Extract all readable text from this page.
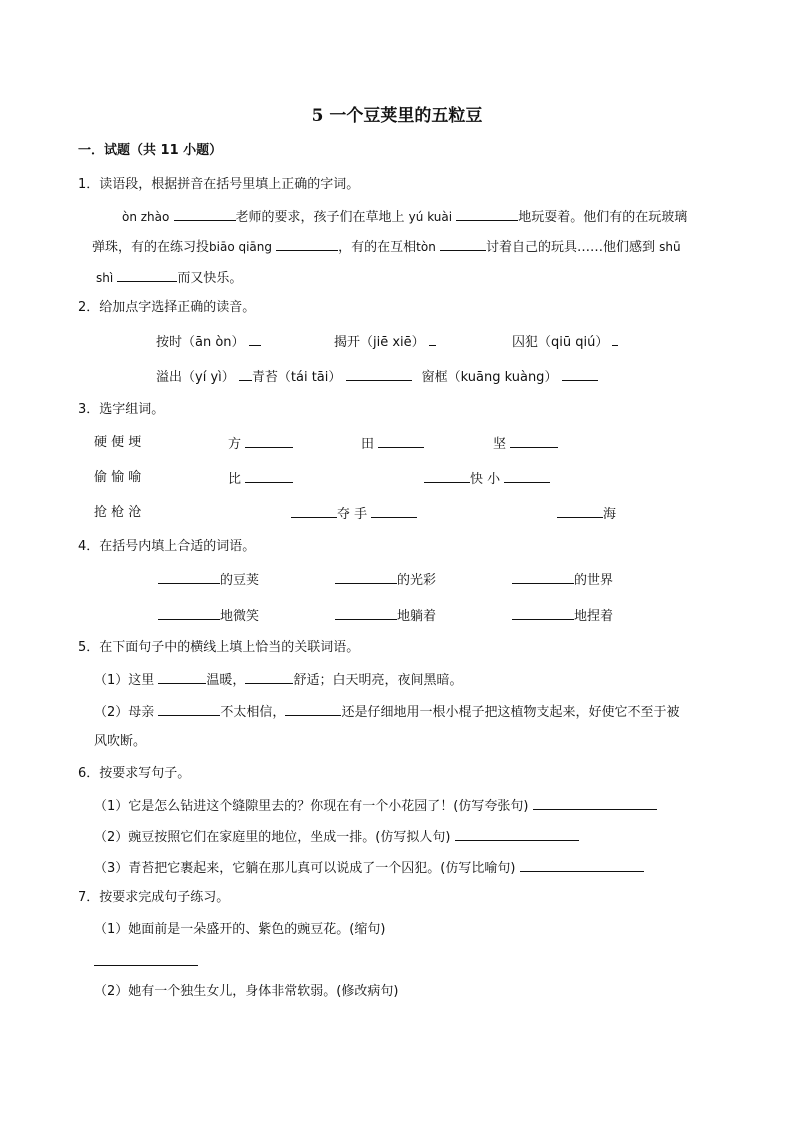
5 一个豆荚里的五粒豆
一．试题（共 11 小题）
1．读语段，根据拼音在括号里填上正确的字词。
òn zhào	老师的要求，孩子们在草地上 yú kuài	地玩耍着。他们有的在玩玻璃
弹珠，有的在练习投biāo qiāng	，有的在互相tòn	讨着自己的玩具……他们感到 shū
shì	而又快乐。
2．给加点字选择正确的读音。
按时（ān òn）	揭开（jiē xiē）	囚犯（qiū qiú）
溢出（yí yì） 青苔（tái tāi）	窗框（kuāng kuàng）
3．选字组词。
硬 便 埂	方	田	坚
偷 愉 喻	比	快 小
抢 枪 沧	夺 手	海
4．在括号内填上合适的词语。
的豆荚	的光彩	的世界
地微笑	地躺着	地捏着
5．在下面句子中的横线上填上恰当的关联词语。
（1）这里	温暖，	舒适；白天明亮，夜间黑暗。
（2）母亲	不太相信，	还是仔细地用一根小棍子把这植物支起来，好使它不至于被
风吹断。
6．按要求写句子。
（1）它是怎么钻进这个缝隙里去的？你现在有一个小花园了！(仿写夸张句)
（2）豌豆按照它们在家庭里的地位，坐成一排。(仿写拟人句)
（3）青苔把它裹起来，它躺在那儿真可以说成了一个囚犯。(仿写比喻句)
7．按要求完成句子练习。
（1）她面前是一朵盛开的、紫色的豌豆花。(缩句)
（2）她有一个独生女儿，身体非常软弱。(修改病句)
